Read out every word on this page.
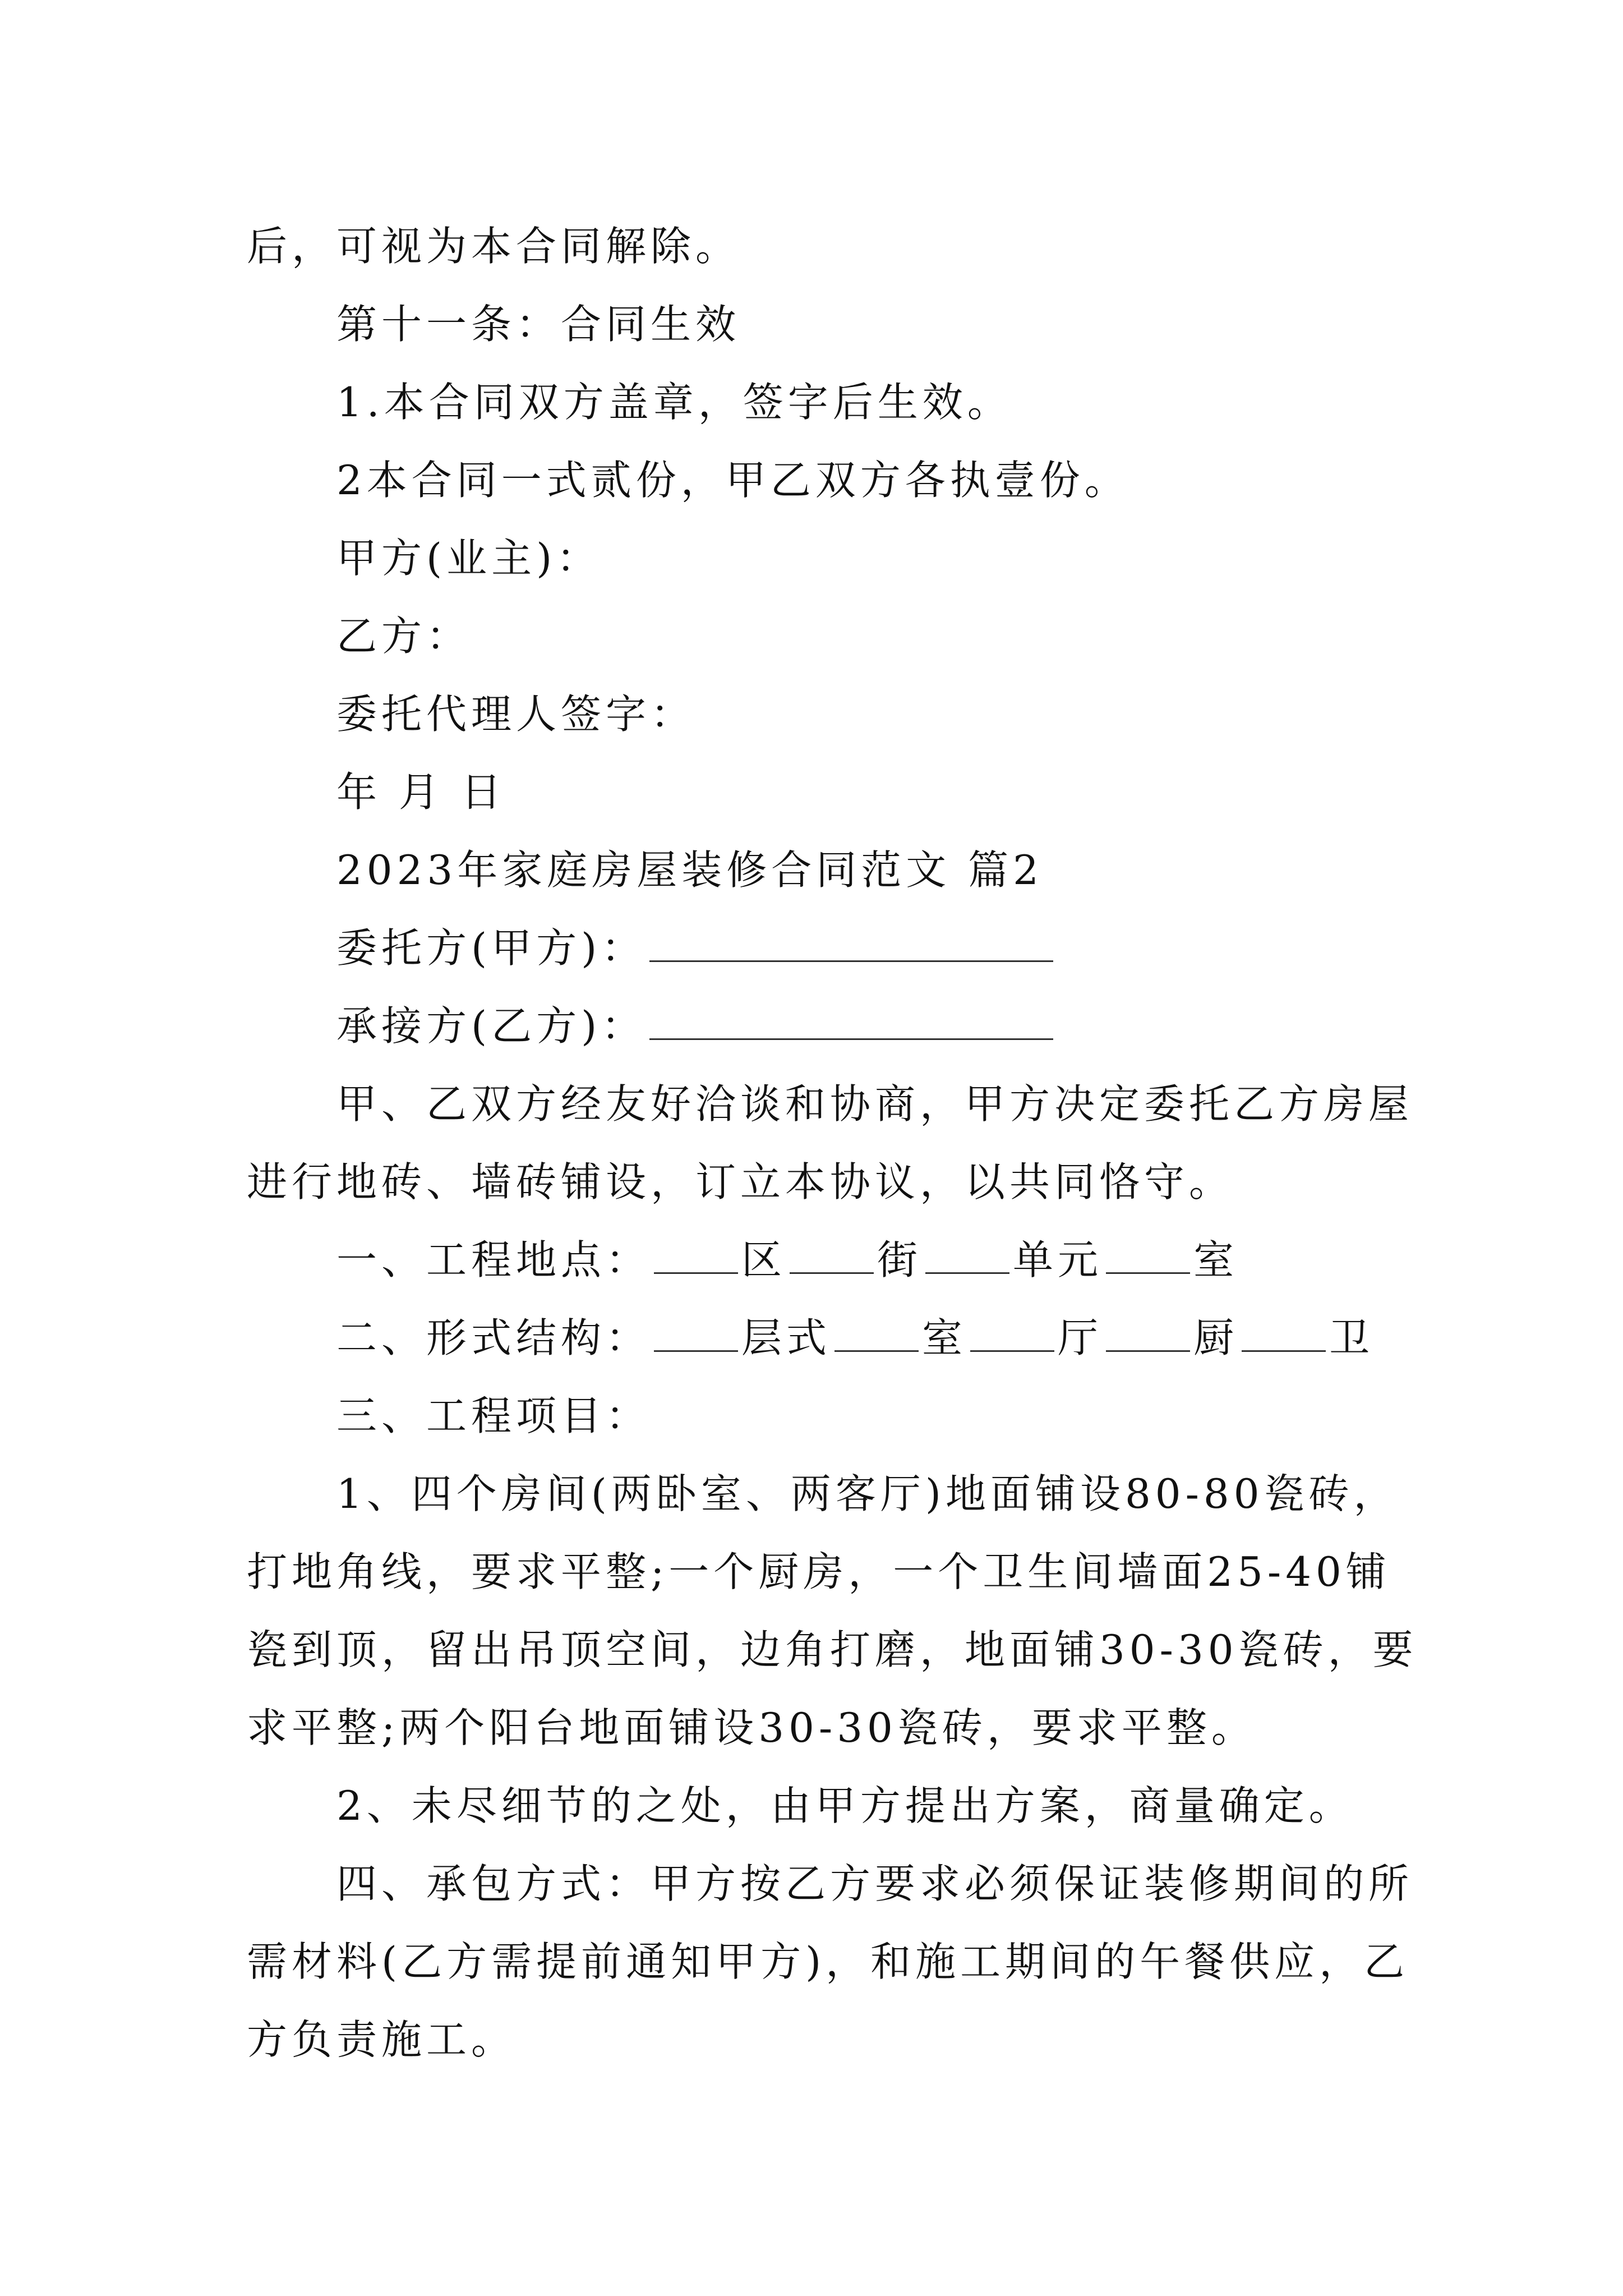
后，可视为本合同解除。
第十一条：合同生效
1.本合同双方盖章，签字后生效。
2本合同一式贰份，甲乙双方各执壹份。
甲方(业主)：
乙方：
委托代理人签字：
年 月 日
2023年家庭房屋装修合同范文 篇2
委托方(甲方)：
承接方(乙方)：
甲、乙双方经友好洽谈和协商，甲方决定委托乙方房屋
进行地砖、墙砖铺设，订立本协议，以共同恪守。
一、工程地点： 区 街 单元 室
二、形式结构： 层式 室 厅 厨 卫
三、工程项目：
1、四个房间(两卧室、两客厅)地面铺设80-80瓷砖，
打地角线，要求平整;一个厨房，一个卫生间墙面25-40铺
瓷到顶，留出吊顶空间，边角打磨，地面铺30-30瓷砖，要
求平整;两个阳台地面铺设30-30瓷砖，要求平整。
2、未尽细节的之处，由甲方提出方案，商量确定。
四、承包方式：甲方按乙方要求必须保证装修期间的所
需材料(乙方需提前通知甲方)，和施工期间的午餐供应，乙
方负责施工。
